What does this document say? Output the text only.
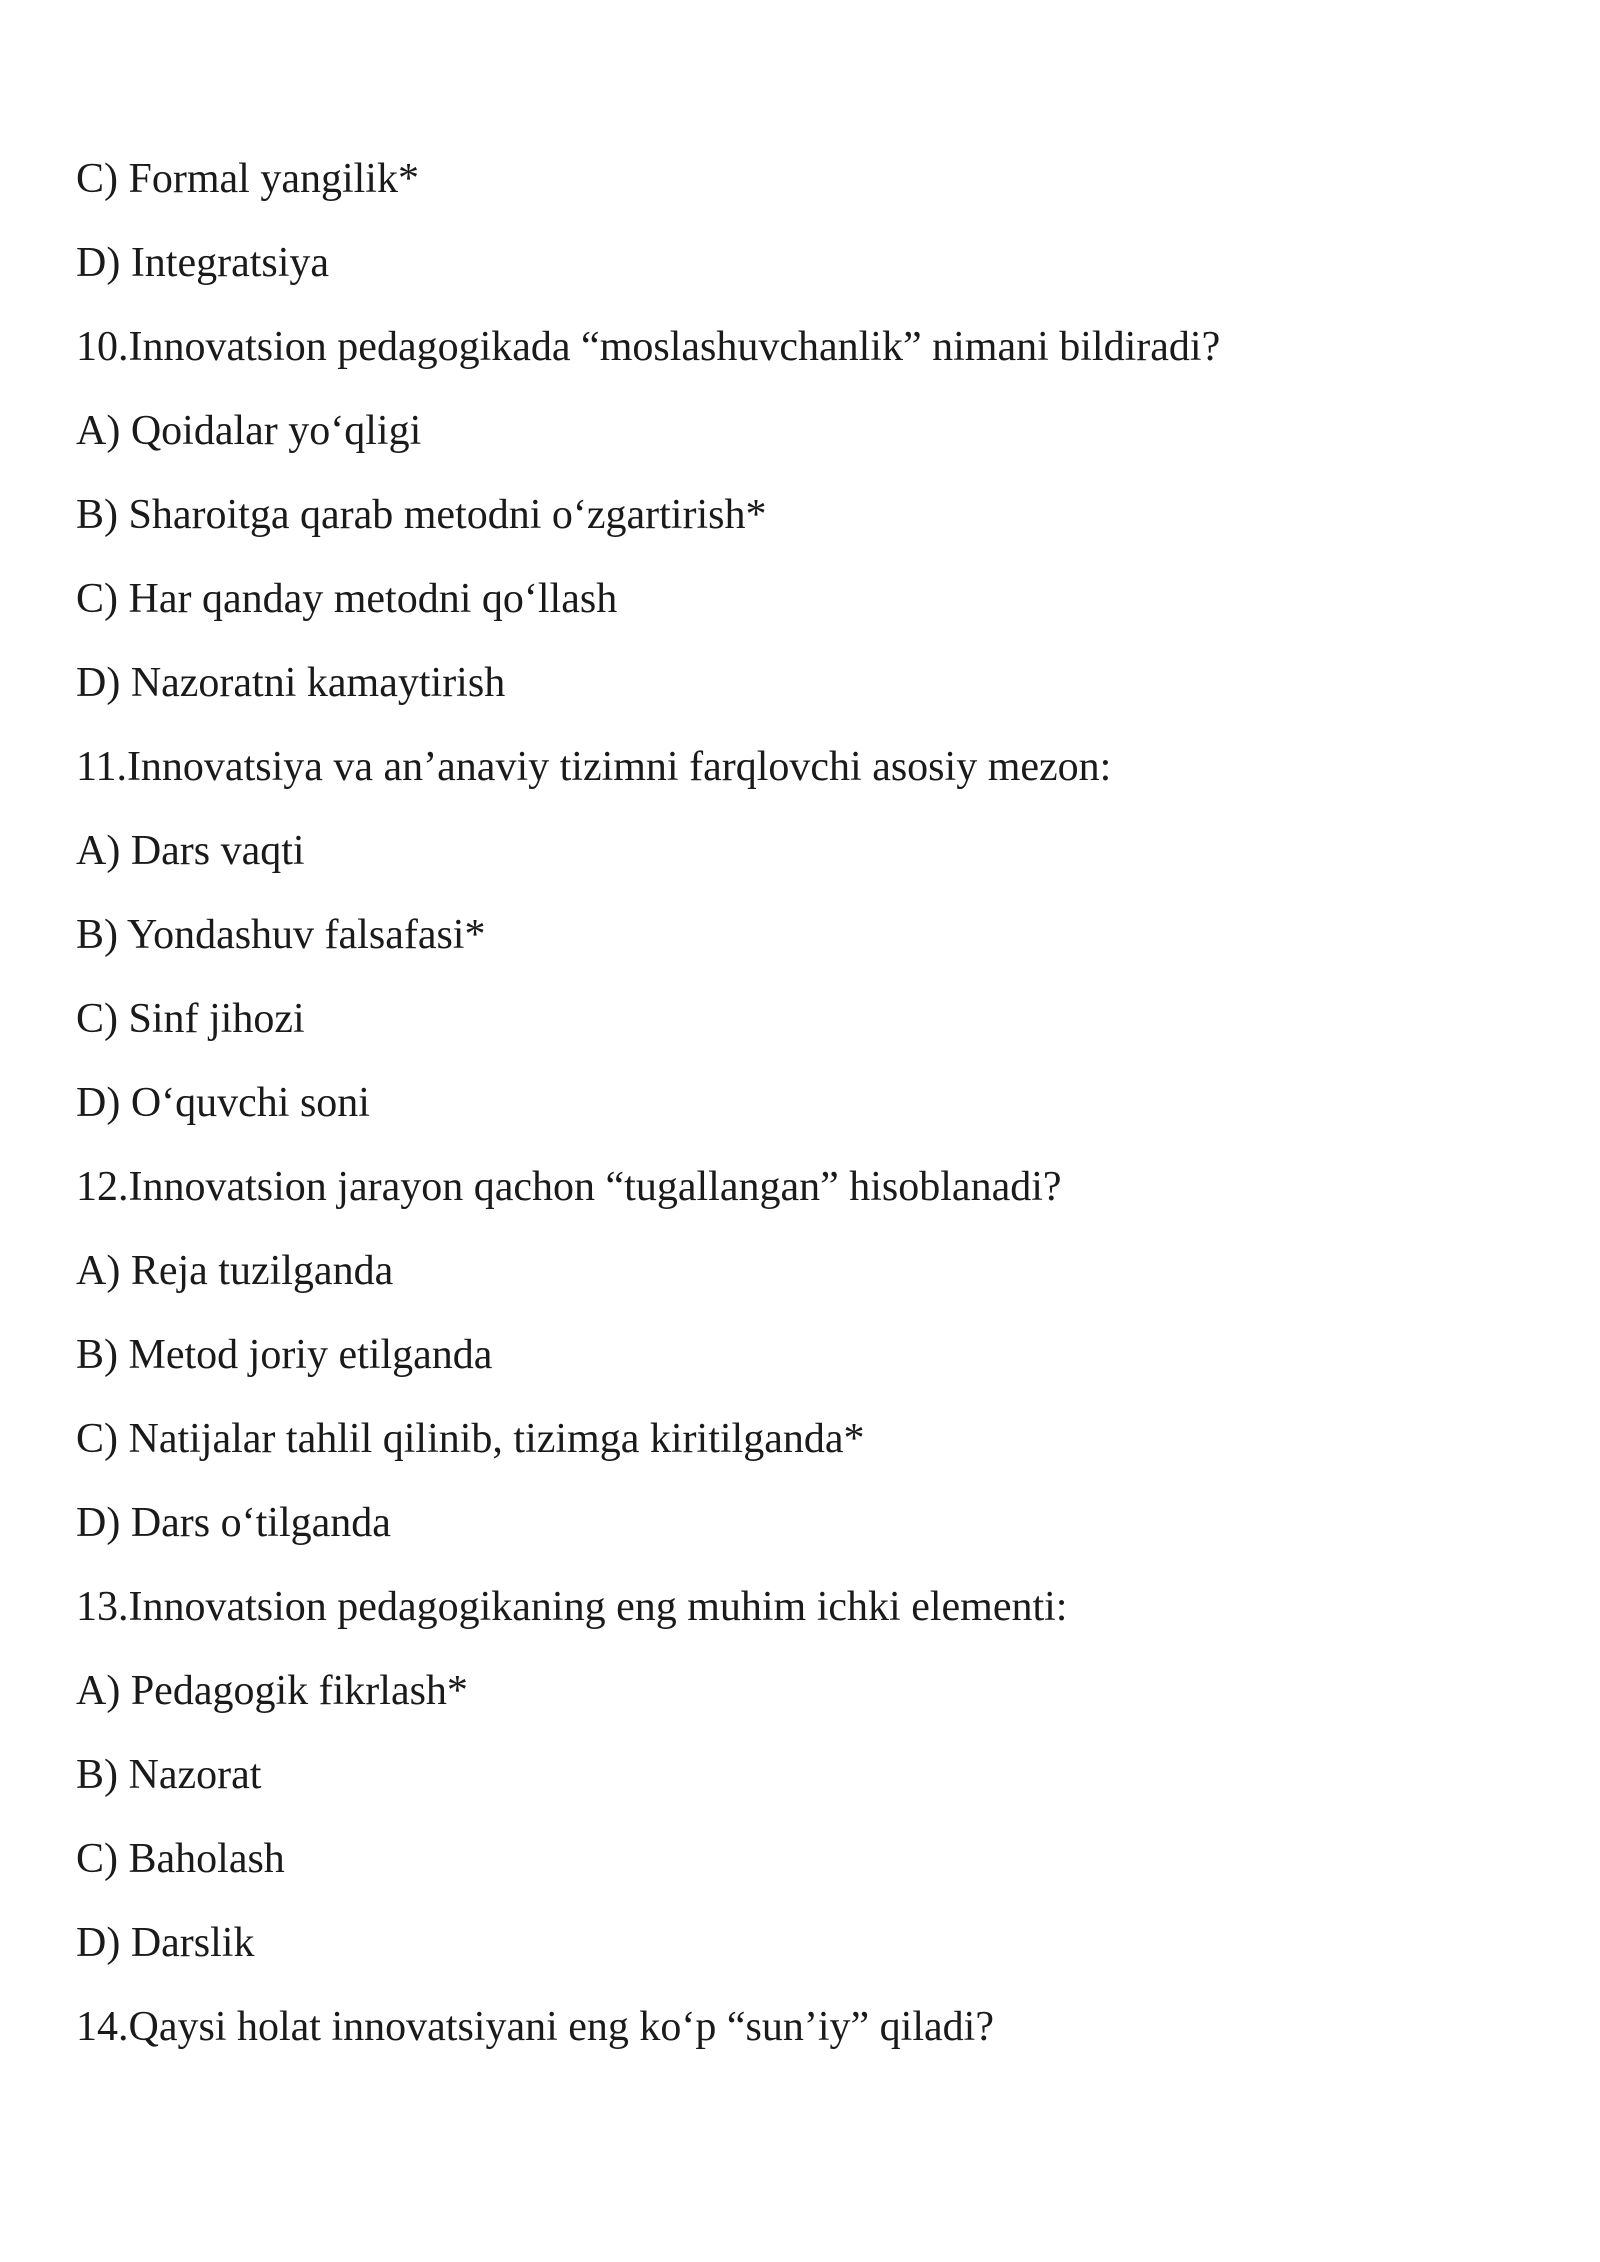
C) Formal yangilik*
D) Integratsiya
10.Innovatsion pedagogikada “moslashuvchanlik” nimani bildiradi?
A) Qoidalar yo‘qligi
B) Sharoitga qarab metodni o‘zgartirish*
C) Har qanday metodni qo‘llash
D) Nazoratni kamaytirish
11.Innovatsiya va an’anaviy tizimni farqlovchi asosiy mezon:
A) Dars vaqti
B) Yondashuv falsafasi*
C) Sinf jihozi
D) O‘quvchi soni
12.Innovatsion jarayon qachon “tugallangan” hisoblanadi?
A) Reja tuzilganda
B) Metod joriy etilganda
C) Natijalar tahlil qilinib, tizimga kiritilganda*
D) Dars o‘tilganda
13.Innovatsion pedagogikaning eng muhim ichki elementi:
A) Pedagogik fikrlash*
B) Nazorat
C) Baholash
D) Darslik
14.Qaysi holat innovatsiyani eng ko‘p “sun’iy” qiladi?
